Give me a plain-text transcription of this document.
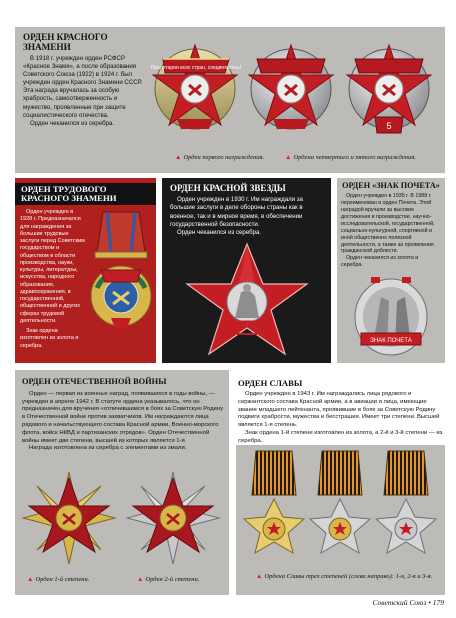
ОРДЕН КРАСНОГО ЗНАМЕНИ

В 1918 г. учрежден орден РСФСР «Красное Знамя», а после образования Советского Союза (1922) в 1924 г. был учрежден орден Красного Знамени СССР. Эта награда вручалась за особую храбрость, самоотверженность и мужество, проявленные при защите социалистического отечества.

Орден чеканился из серебра.

Пролетарии всех стран, соединяйтесь!
5
▲ Орден первого награждения.	▲ Ордена четвертого и пятого награждения.
ОРДЕН ТРУДОВОГО КРАСНОГО ЗНАМЕНИ

Орден учрежден в 1928 г. Предназначался для награждения за большие трудовые заслуги перед Советским государством и обществом в области производства, науки, культуры, литературы, искусства, народного образования, здравоохранения, в государственной, общественной и других сферах трудовой деятельности.

Знак ордена изготовлен из золота и серебра.

ОРДЕН КРАСНОЙ ЗВЕЗДЫ

Орден учрежден в 1930 г. Им награждали за большие заслуги в деле обороны страны как в военное, так и в мирное время, в обеспечении государственной безопасности.

Орден чеканился из серебра.

ОРДЕН «ЗНАК ПОЧЕТА»

Орден учрежден в 1935 г. В 1988 г. переименован в орден Почета. Этой наградой вручали за высокие достижения в производстве, научно-исследовательской, государственной, социально-культурной, спортивной и иной общественно полезной деятельности, а также за проявления гражданской доблести.

Орден чеканился из золота и серебра.

ЗНАК ПОЧЕТА
ОРДЕН ОТЕЧЕСТВЕННОЙ ВОЙНЫ

Орден — первая из военных наград, появившихся в годы войны, — учрежден в апреле 1942 г. В статуте ордена указывалось, что он предназначен для вручения «отличившимся в боях за Советскую Родину в Отечественной войне против захватчиков. Им награждаются лица рядового и начальствующего состава Красной армии, Военно-морского флота, войск НКВД и партизанских отрядов». Орден Отечественной войны имеет две степени, высшей из которых является 1-я.

Награда изготовлена из серебра с элементами из эмали.

▲ Орден 1-й степени.	▲ Орден 2-й степени.
ОРДЕН СЛАВЫ

Орден учрежден в 1943 г. Им награждались лица рядового и сержантского состава Красной армии, а в авиации и лица, имеющие звание младшего лейтенанта, проявившие в боях за Советскую Родину подвиги храбрости, мужества и бесстрашия. Имеет три степени. Высшей является 1-я степень.

Знак ордена 1-й степени изготовлен из золота, а 2-й и 3-й степени — из серебра.

▲ Ордена Славы трех степеней (слева направо): 1-я, 2-я и 3-я.
Советский Союз • 179
